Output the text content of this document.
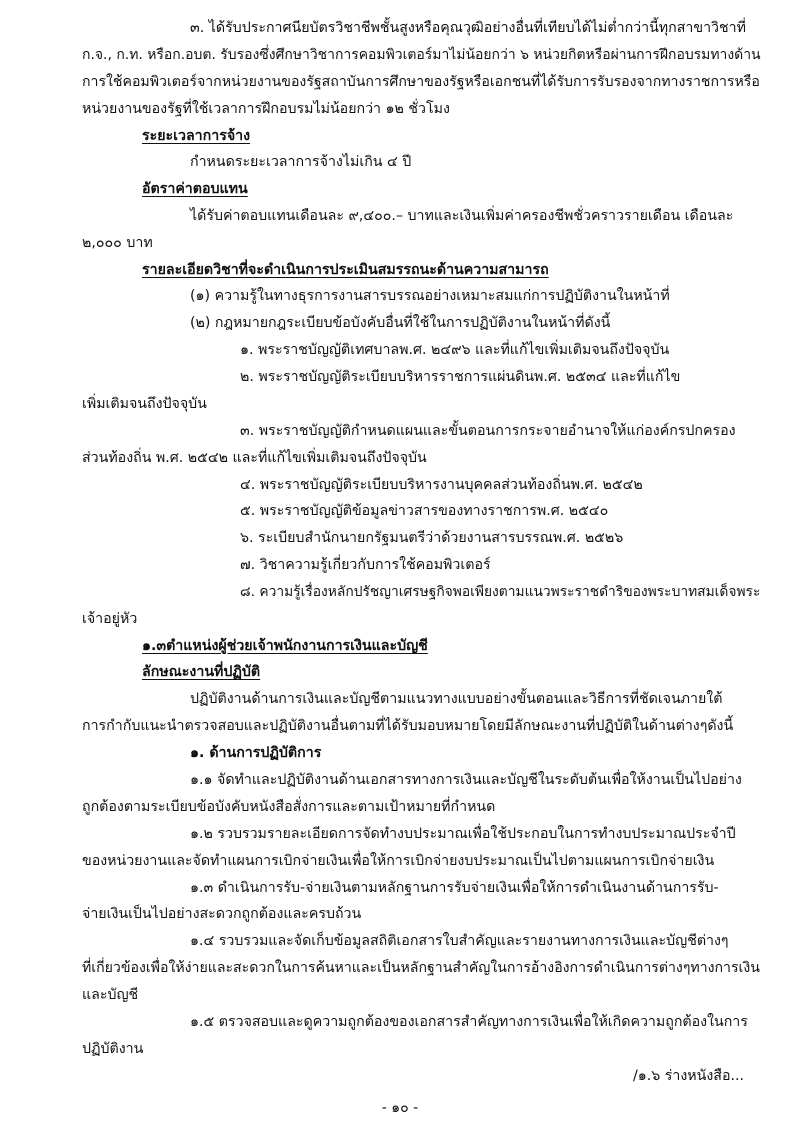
๓. ได้รับประกาศนียบัตรวิชาชีพชั้นสูงหรือคุณวุฒิอย่างอื่นที่เทียบได้ไม่ต่ำกว่านี้ทุกสาขาวิชาที่
ก.จ., ก.ท. หรือก.อบต. รับรองซึ่งศึกษาวิชาการคอมพิวเตอร์มาไม่น้อยกว่า ๖ หน่วยกิตหรือผ่านการฝึกอบรมทางด้าน
การใช้คอมพิวเตอร์จากหน่วยงานของรัฐสถาบันการศึกษาของรัฐหรือเอกชนที่ได้รับการรับรองจากทางราชการหรือ
หน่วยงานของรัฐที่ใช้เวลาการฝึกอบรมไม่น้อยกว่า ๑๒ ชั่วโมง
ระยะเวลาการจ้าง
กำหนดระยะเวลาการจ้างไม่เกิน ๔ ปี
อัตราค่าตอบแทน
ได้รับค่าตอบแทนเดือนละ ๙,๔๐๐.– บาทและเงินเพิ่มค่าครองชีพชั่วคราวรายเดือน เดือนละ
๒,๐๐๐ บาท
รายละเอียดวิชาที่จะดำเนินการประเมินสมรรถนะด้านความสามารถ
(๑) ความรู้ในทางธุรการงานสารบรรณอย่างเหมาะสมแก่การปฏิบัติงานในหน้าที่
(๒) กฎหมายกฎระเบียบข้อบังคับอื่นที่ใช้ในการปฏิบัติงานในหน้าที่ดังนี้
๑. พระราชบัญญัติเทศบาลพ.ศ. ๒๔๙๖ และที่แก้ไขเพิ่มเติมจนถึงปัจจุบัน
๒. พระราชบัญญัติระเบียบบริหารราชการแผ่นดินพ.ศ. ๒๕๓๔ และที่แก้ไข
เพิ่มเติมจนถึงปัจจุบัน
๓. พระราชบัญญัติกำหนดแผนและขั้นตอนการกระจายอำนาจให้แก่องค์กรปกครอง
ส่วนท้องถิ่น พ.ศ. ๒๕๔๒ และที่แก้ไขเพิ่มเติมจนถึงปัจจุบัน
๔. พระราชบัญญัติระเบียบบริหารงานบุคคลส่วนท้องถิ่นพ.ศ. ๒๕๔๒
๕. พระราชบัญญัติข้อมูลข่าวสารของทางราชการพ.ศ. ๒๕๔๐
๖. ระเบียบสำนักนายกรัฐมนตรีว่าด้วยงานสารบรรณพ.ศ. ๒๕๒๖
๗. วิชาความรู้เกี่ยวกับการใช้คอมพิวเตอร์
๘. ความรู้เรื่องหลักปรัชญาเศรษฐกิจพอเพียงตามแนวพระราชดำริของพระบาทสมเด็จพระ
เจ้าอยู่หัว
๑.๓ตำแหน่งผู้ช่วยเจ้าพนักงานการเงินและบัญชี
ลักษณะงานที่ปฏิบัติ
ปฏิบัติงานด้านการเงินและบัญชีตามแนวทางแบบอย่างขั้นตอนและวิธีการที่ชัดเจนภายใต้
การกำกับแนะนำตรวจสอบและปฏิบัติงานอื่นตามที่ได้รับมอบหมายโดยมีลักษณะงานที่ปฏิบัติในด้านต่างๆดังนี้
๑. ด้านการปฏิบัติการ
๑.๑ จัดทำและปฏิบัติงานด้านเอกสารทางการเงินและบัญชีในระดับต้นเพื่อให้งานเป็นไปอย่าง
ถูกต้องตามระเบียบข้อบังคับหนังสือสั่งการและตามเป้าหมายที่กำหนด
๑.๒ รวบรวมรายละเอียดการจัดทำงบประมาณเพื่อใช้ประกอบในการทำงบประมาณประจำปี
ของหน่วยงานและจัดทำแผนการเบิกจ่ายเงินเพื่อให้การเบิกจ่ายงบประมาณเป็นไปตามแผนการเบิกจ่ายเงิน
๑.๓ ดำเนินการรับ-จ่ายเงินตามหลักฐานการรับจ่ายเงินเพื่อให้การดำเนินงานด้านการรับ-
จ่ายเงินเป็นไปอย่างสะดวกถูกต้องและครบถ้วน
๑.๔ รวบรวมและจัดเก็บข้อมูลสถิติเอกสารใบสำคัญและรายงานทางการเงินและบัญชีต่างๆ
ที่เกี่ยวข้องเพื่อให้ง่ายและสะดวกในการค้นหาและเป็นหลักฐานสำคัญในการอ้างอิงการดำเนินการต่างๆทางการเงิน
และบัญชี
๑.๕ ตรวจสอบและดูความถูกต้องของเอกสารสำคัญทางการเงินเพื่อให้เกิดความถูกต้องในการ
ปฏิบัติงาน
/๑.๖ ร่างหนังสือ...
- ๑๐ -
